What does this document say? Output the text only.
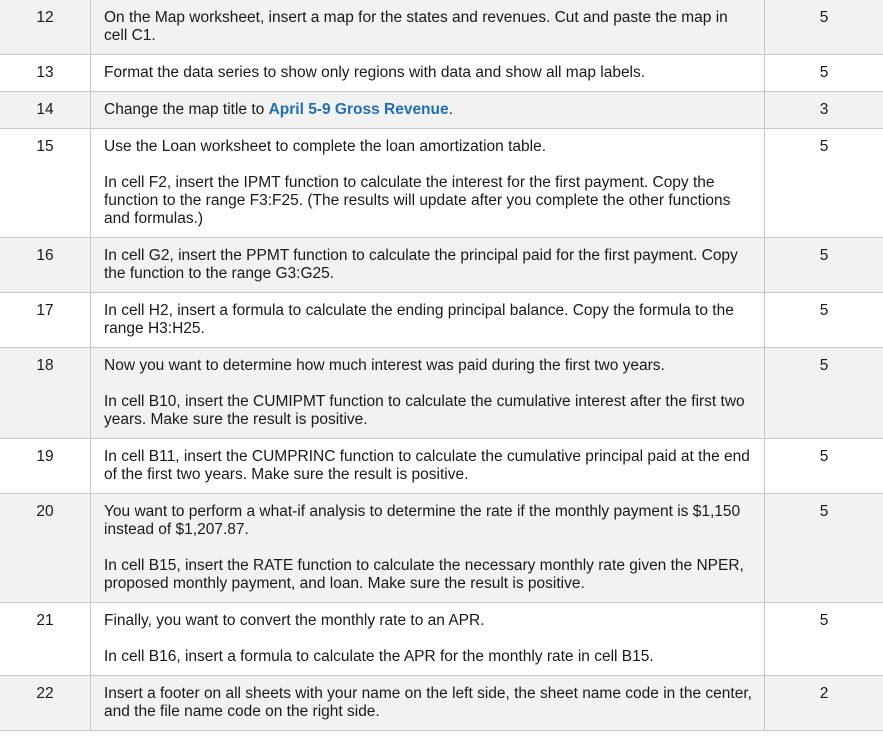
12	On the Map worksheet, insert a map for the states and revenues. Cut and paste the map in cell C1.	5
13	Format the data series to show only regions with data and show all map labels.	5
14	Change the map title to April 5-9 Gross Revenue.	3
15	Use the Loan worksheet to complete the loan amortization table.
In cell F2, insert the IPMT function to calculate the interest for the first payment. Copy the function to the range F3:F25. (The results will update after you complete the other functions and formulas.)	5
16	In cell G2, insert the PPMT function to calculate the principal paid for the first payment. Copy the function to the range G3:G25.	5
17	In cell H2, insert a formula to calculate the ending principal balance. Copy the formula to the range H3:H25.	5
18	Now you want to determine how much interest was paid during the first two years.
In cell B10, insert the CUMIPMT function to calculate the cumulative interest after the first two years. Make sure the result is positive.	5
19	In cell B11, insert the CUMPRINC function to calculate the cumulative principal paid at the end of the first two years. Make sure the result is positive.	5
20	You want to perform a what-if analysis to determine the rate if the monthly payment is $1,150 instead of $1,207.87.
In cell B15, insert the RATE function to calculate the necessary monthly rate given the NPER, proposed monthly payment, and loan. Make sure the result is positive.	5
21	Finally, you want to convert the monthly rate to an APR.
In cell B16, insert a formula to calculate the APR for the monthly rate in cell B15.	5
22	Insert a footer on all sheets with your name on the left side, the sheet name code in the center, and the file name code on the right side.	2
